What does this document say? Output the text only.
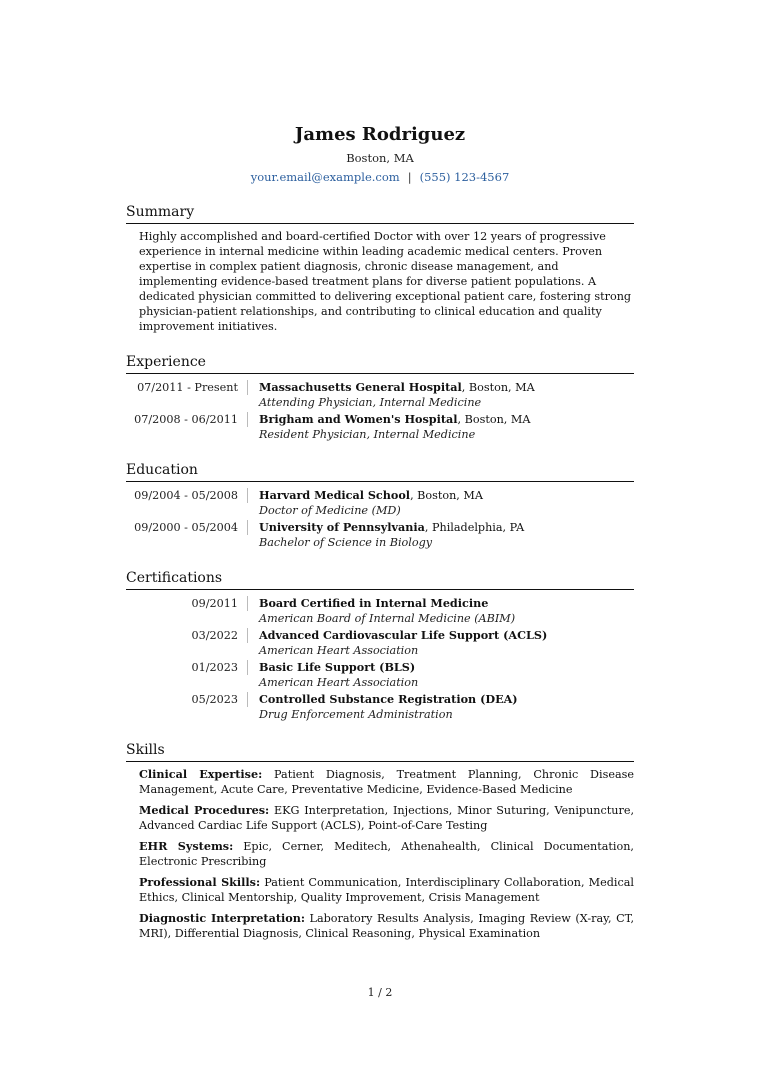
James Rodriguez
Boston, MA
your.email@example.com | (555) 123-4567
Summary
Highly accomplished and board-certified Doctor with over 12 years of progressive experience in internal medicine within leading academic medical centers. Proven expertise in complex patient diagnosis, chronic disease management, and implementing evidence-based treatment plans for diverse patient populations. A dedicated physician committed to delivering exceptional patient care, fostering strong physician-patient relationships, and contributing to clinical education and quality improvement initiatives.
Experience
07/2011 - Present	Massachusetts General Hospital, Boston, MA
Attending Physician, Internal Medicine
07/2008 - 06/2011	Brigham and Women's Hospital, Boston, MA
Resident Physician, Internal Medicine
Education
09/2004 - 05/2008	Harvard Medical School, Boston, MA
Doctor of Medicine (MD)
09/2000 - 05/2004	University of Pennsylvania, Philadelphia, PA
Bachelor of Science in Biology
Certifications
09/2011	Board Certified in Internal Medicine
American Board of Internal Medicine (ABIM)
03/2022	Advanced Cardiovascular Life Support (ACLS)
American Heart Association
01/2023	Basic Life Support (BLS)
American Heart Association
05/2023	Controlled Substance Registration (DEA)
Drug Enforcement Administration
Skills
Clinical Expertise: Patient Diagnosis, Treatment Planning, Chronic Disease Management, Acute Care, Preventative Medicine, Evidence-Based Medicine
Medical Procedures: EKG Interpretation, Injections, Minor Suturing, Venipuncture, Advanced Cardiac Life Support (ACLS), Point-of-Care Testing
EHR Systems: Epic, Cerner, Meditech, Athenahealth, Clinical Documentation, Electronic Prescribing
Professional Skills: Patient Communication, Interdisciplinary Collaboration, Medical Ethics, Clinical Mentorship, Quality Improvement, Crisis Management
Diagnostic Interpretation: Laboratory Results Analysis, Imaging Review (X-ray, CT, MRI), Differential Diagnosis, Clinical Reasoning, Physical Examination
1 / 2
